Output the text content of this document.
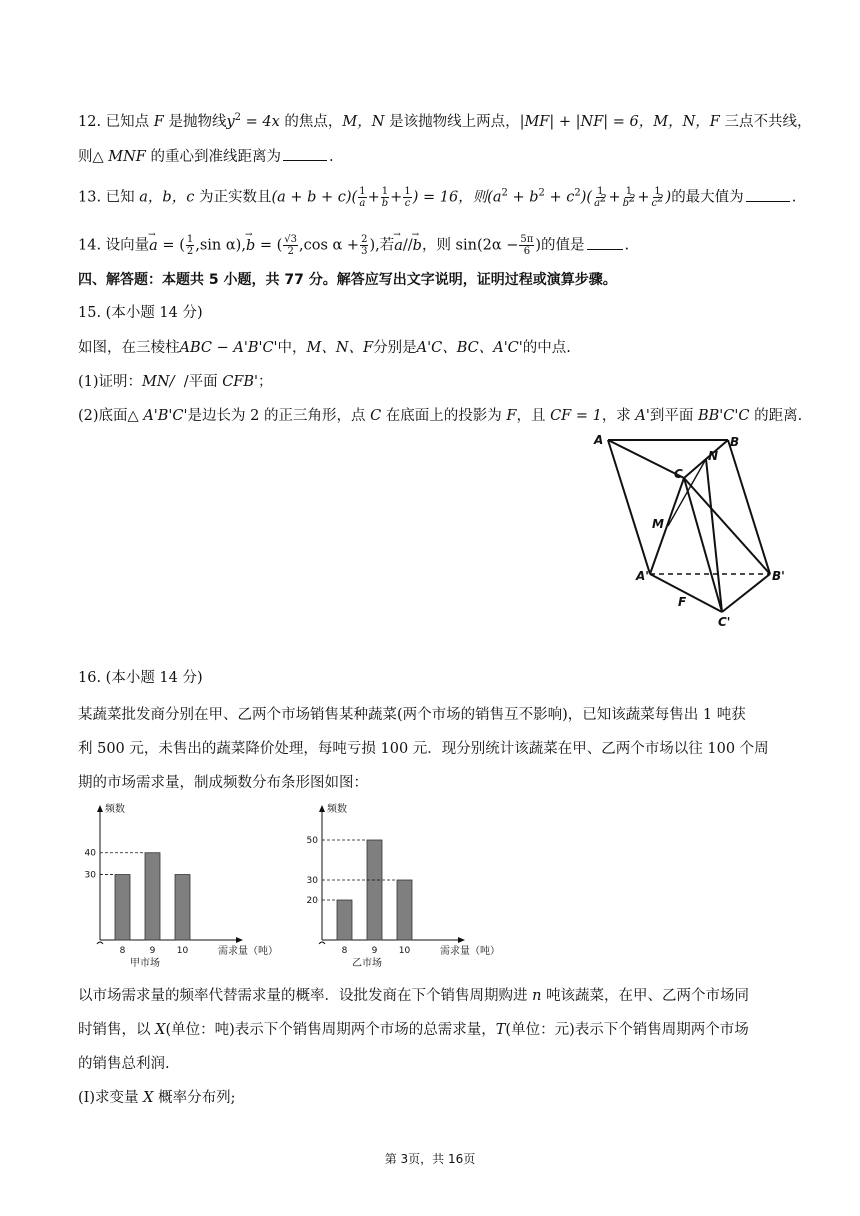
12. 已知点 F 是抛物线$y^2 = 4x$ 的焦点，M，N 是该抛物线上两点，|MF| + |NF| = 6，M，N，F 三点不共线，
则△ MNF 的重心到准线距离为	.
13. 已知 a，b，c 为正实数且$(a + b + c)( \frac{1}{a} + \frac{1}{b} + \frac{1}{c}$ ) = 16，则$(a^2 + b^2 + c^2)( \frac{1}{a^2} + \frac{1}{b^2} + \frac{1}{c^2}$ )的最大值为	.
14. 设向量→ a = ( $\frac{1}{2} ,\sin$ α),→ b = ( $\frac{√3}{2} ,\cos$ $\alpha + \frac{2}{3}$ ),若→ a//→ b，则 $\sin(2\alpha - \frac{5\pi}{6}$ )的值是	.
四、解答题：本题共 5 小题，共 77 分。解答应写出文字说明，证明过程或演算步骤。
15. (本小题 14 分)
如图，在三棱柱ABC − A'B'C'中，M、N、F分别是A'C、BC、A'C'的中点.
(1)证明：MN/ /平面 CFB'；
(2)底面△ A'B'C'是边长为 2 的正三角形，点 C 在底面上的投影为 F，且 CF = 1，求 A'到平面 BB'C'C 的距离.
A	B
C
N
M
A'	B'
C'
F
16. (本小题 14 分)
某蔬菜批发商分别在甲、乙两个市场销售某种蔬菜(两个市场的销售互不影响)，已知该蔬菜每售出 1 吨获
利 500 元，未售出的蔬菜降价处理，每吨亏损 100 元．现分别统计该蔬菜在甲、乙两个市场以往 100 个周
期的市场需求量，制成频数分布条形图如图：
频数
需求量（吨）
8	9 10
30
40
甲市场
频数
需求量（吨）
8	9 10
20
30
50
乙市场
以市场需求量的频率代替需求量的概率．设批发商在下个销售周期购进 n 吨该蔬菜，在甲、乙两个市场同
时销售，以 X(单位：吨)表示下个销售周期两个市场的总需求量，T(单位：元)表示下个销售周期两个市场
的销售总利润.
(Ⅰ)求变量 X 概率分布列;
第 3页，共 16页
